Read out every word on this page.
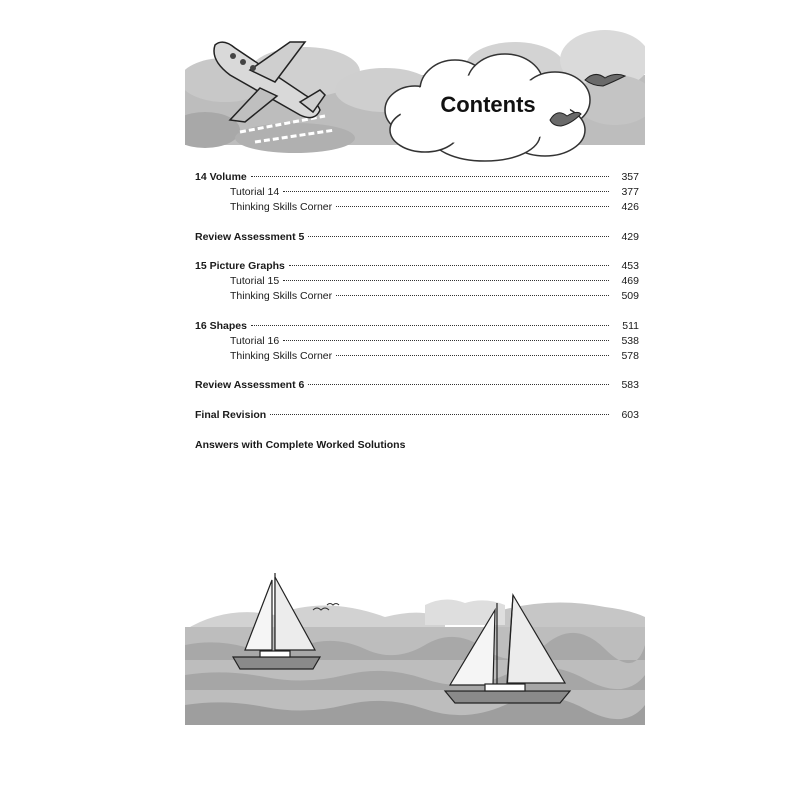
Contents
14 Volume	357
Tutorial 14	377
Thinking Skills Corner	426
Review Assessment 5	429
15 Picture Graphs	453
Tutorial 15	469
Thinking Skills Corner	509
16 Shapes	511
Tutorial 16	538
Thinking Skills Corner	578
Review Assessment 6	583
Final Revision	603
Answers with Complete Worked Solutions
